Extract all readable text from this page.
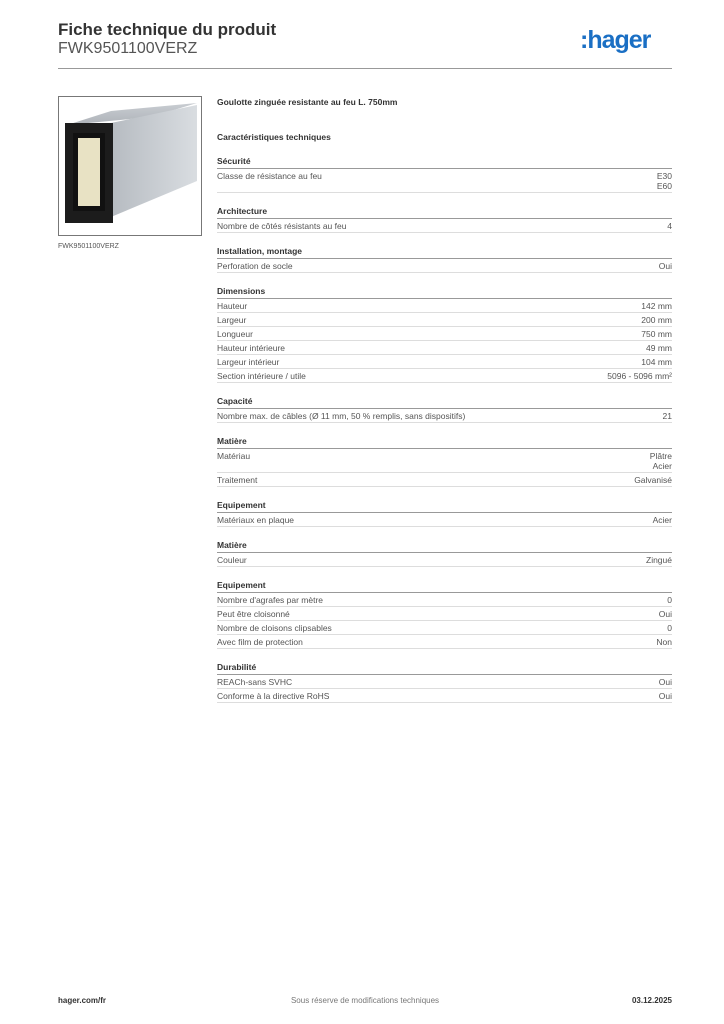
Fiche technique du produit
FWK9501100VERZ	:hager
FWK9501100VERZ
Goulotte zinguée resistante au feu L. 750mm
Caractéristiques techniques
Sécurité
Classe de résistance au feu	E30
E60
Architecture
Nombre de côtés résistants au feu	4
Installation, montage
Perforation de socle	Oui
Dimensions
Hauteur	142 mm
Largeur	200 mm
Longueur	750 mm
Hauteur intérieure	49 mm
Largeur intérieur	104 mm
Section intérieure / utile	5096 - 5096 mm²
Capacité
Nombre max. de câbles (Ø 11 mm, 50 % remplis, sans dispositifs)	21
Matière
Matériau	Plâtre
Acier
Traitement	Galvanisé
Equipement
Matériaux en plaque	Acier
Matière
Couleur	Zingué
Equipement
Nombre d'agrafes par mètre	0
Peut être cloisonné	Oui
Nombre de cloisons clipsables	0
Avec film de protection	Non
Durabilité
REACh-sans SVHC	Oui
Conforme à la directive RoHS	Oui
hager.com/fr	Sous réserve de modifications techniques	03.12.2025
